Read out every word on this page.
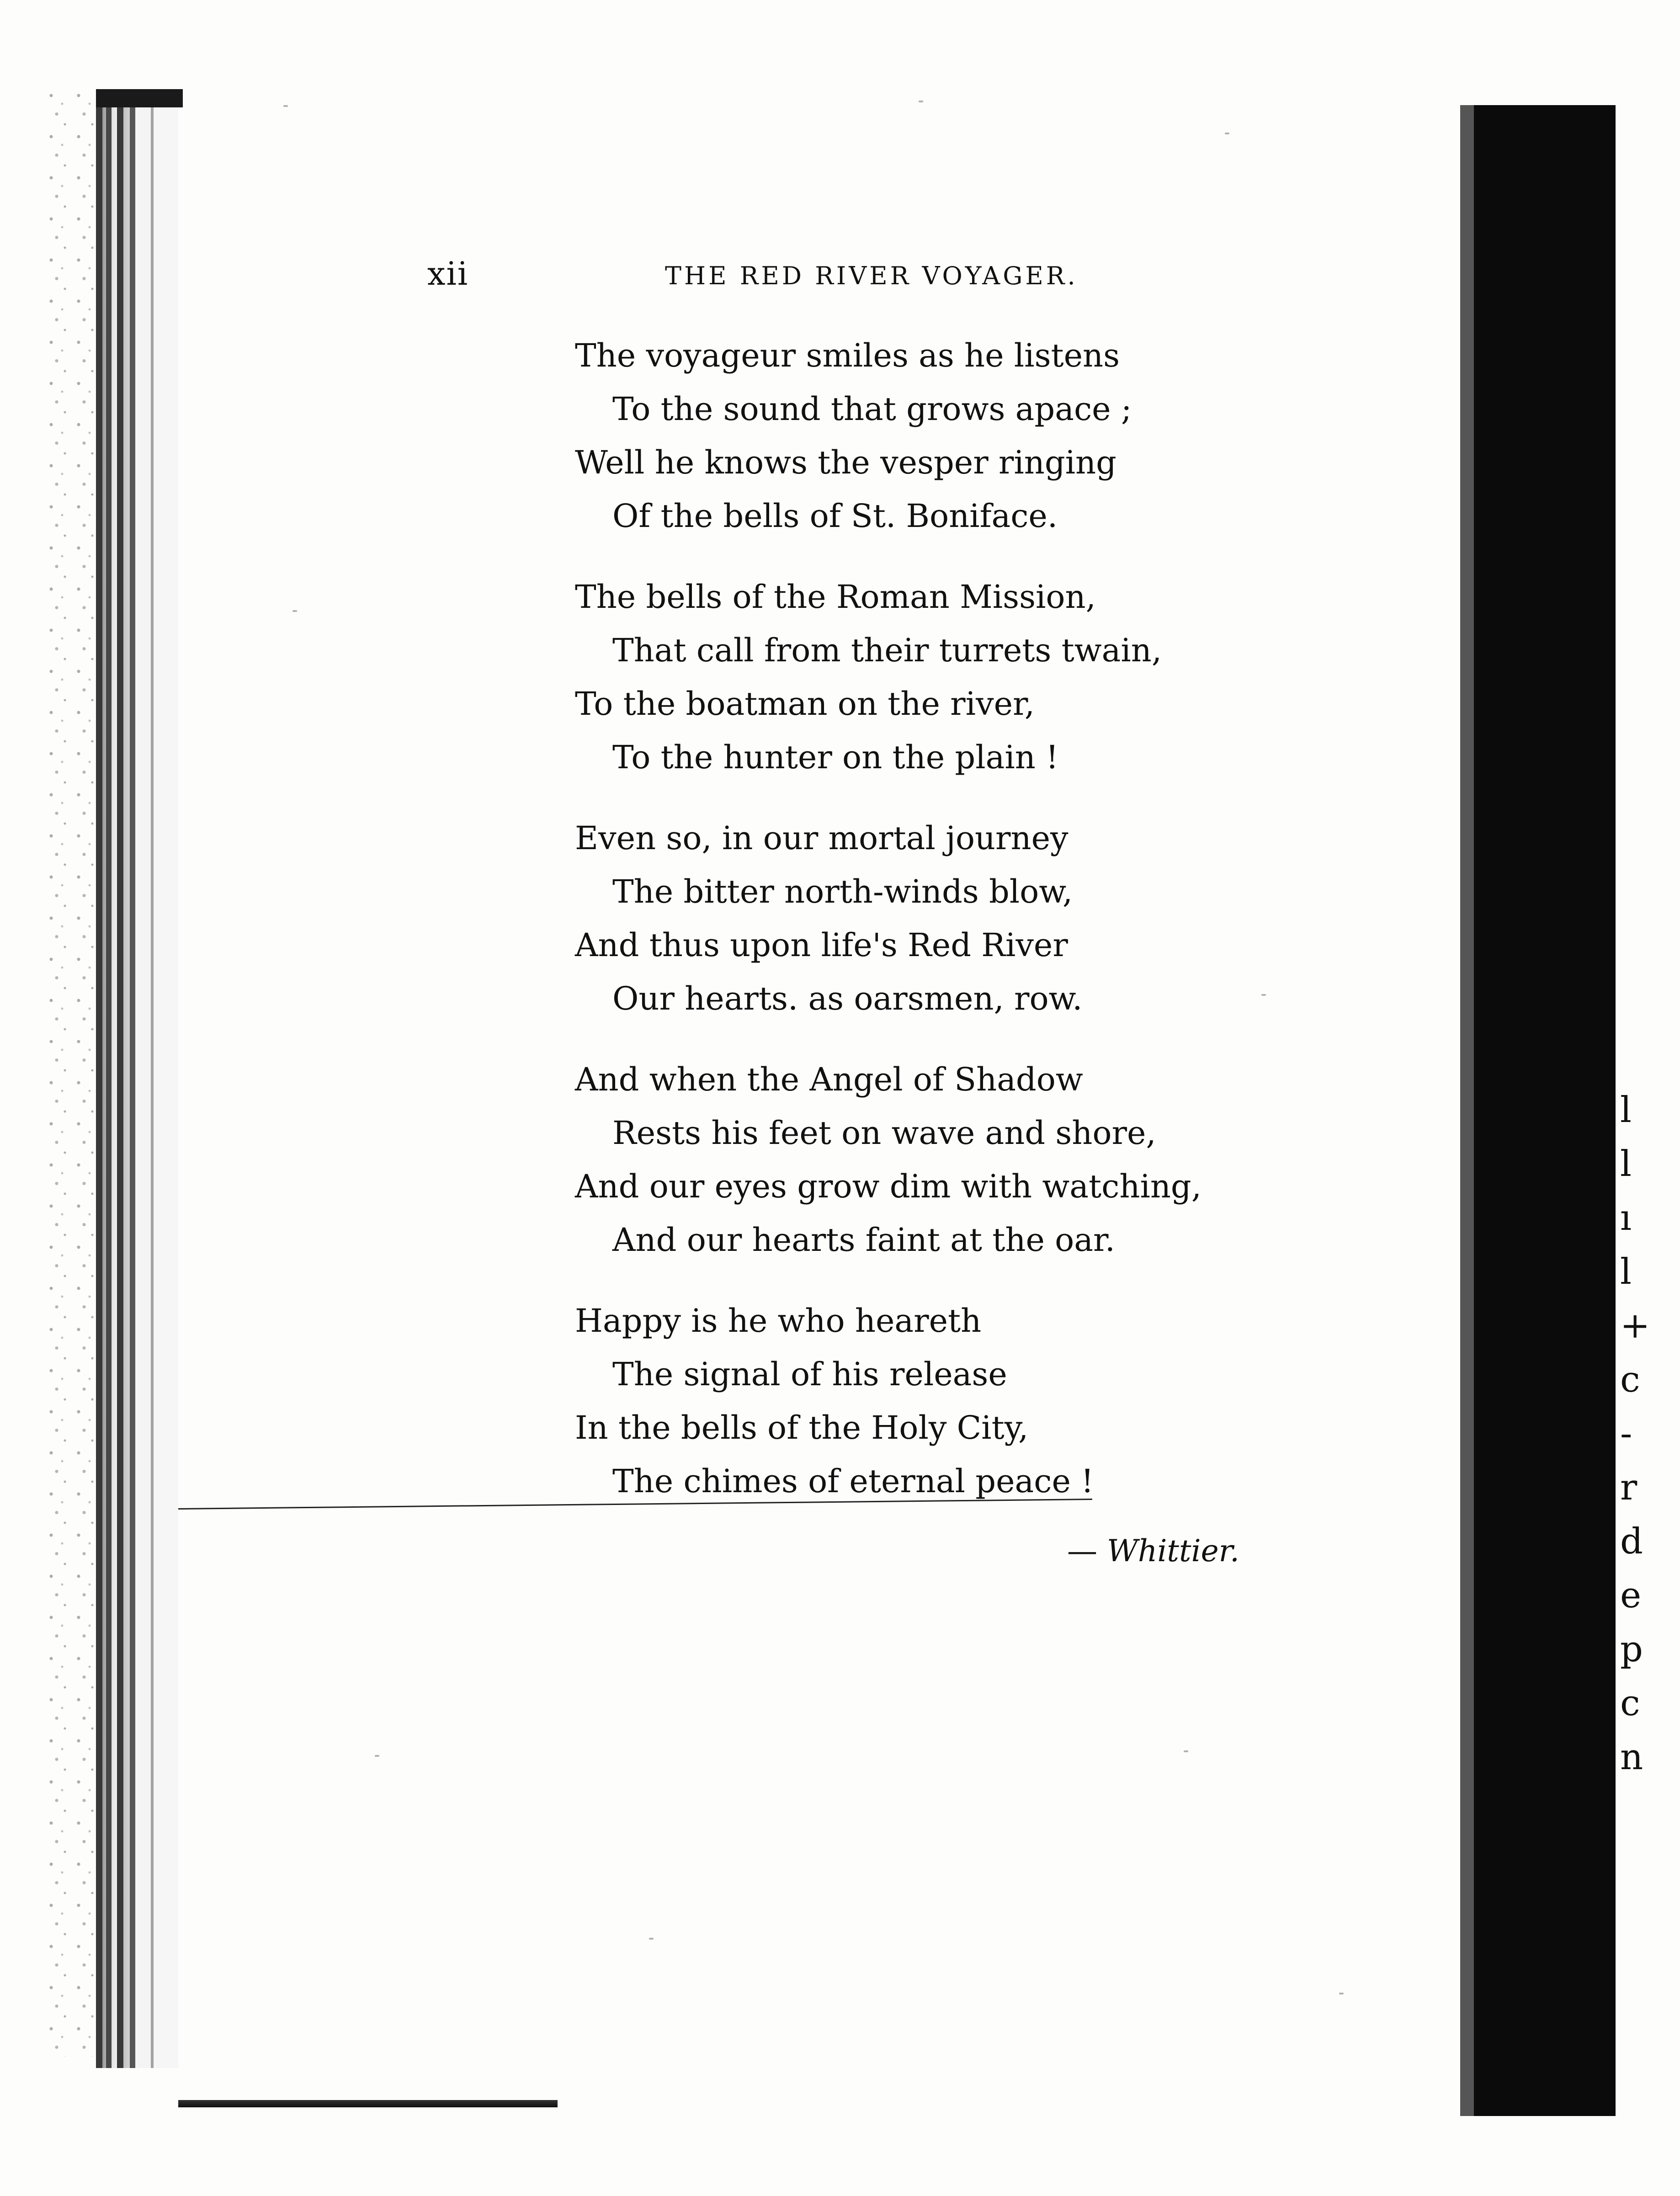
l
l
ı
l
+
c
-
r
d
e
p
c
n
xii	THE RED RIVER VOYAGER.
The voyageur smiles as he listens
To the sound that grows apace ;
Well he knows the vesper ringing
Of the bells of St. Boniface.
The bells of the Roman Mission,
That call from their turrets twain,
To the boatman on the river,
To the hunter on the plain !
Even so, in our mortal journey
The bitter north-winds blow,
And thus upon life's Red River
Our hearts. as oarsmen, row.
And when the Angel of Shadow
Rests his feet on wave and shore,
And our eyes grow dim with watching,
And our hearts faint at the oar.
Happy is he who heareth
The signal of his release
In the bells of the Holy City,
The chimes of eternal peace !
— Whittier.
